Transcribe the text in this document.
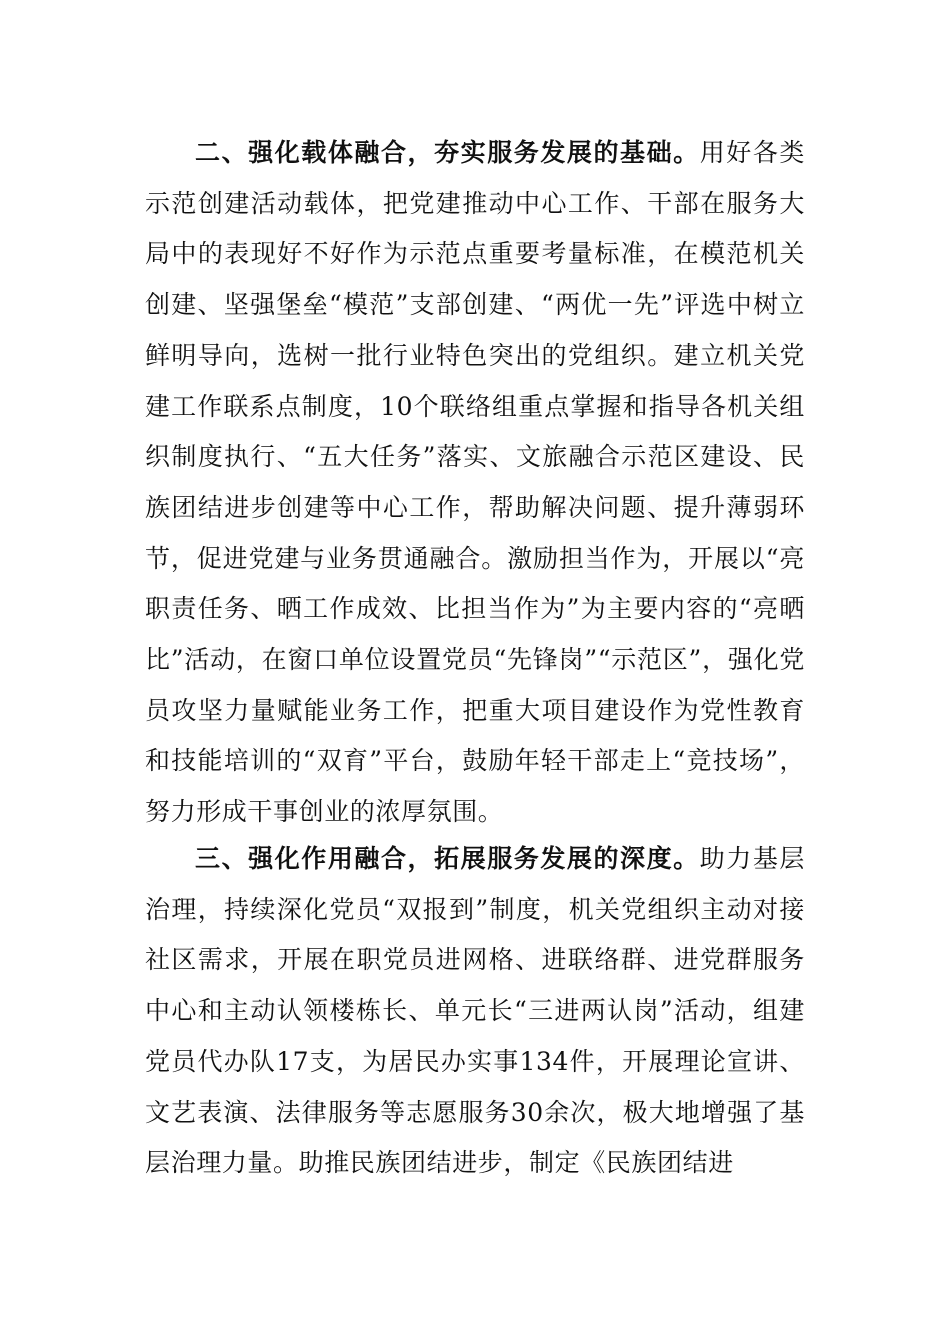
二、强化载体融合，夯实服务发展的基础。用好各类示范创建活动载体，把党建推动中心工作、干部在服务大局中的表现好不好作为示范点重要考量标准，在模范机关创建、坚强堡垒“模范”支部创建、“两优一先”评选中树立鲜明导向，选树一批行业特色突出的党组织。建立机关党建工作联系点制度，10个联络组重点掌握和指导各机关组织制度执行、“五大任务”落实、文旅融合示范区建设、民族团结进步创建等中心工作，帮助解决问题、提升薄弱环节，促进党建与业务贯通融合。激励担当作为，开展以“亮职责任务、晒工作成效、比担当作为”为主要内容的“亮晒比”活动，在窗口单位设置党员“先锋岗”“示范区”，强化党员攻坚力量赋能业务工作，把重大项目建设作为党性教育和技能培训的“双育”平台，鼓励年轻干部走上“竞技场”，努力形成干事创业的浓厚氛围。

三、强化作用融合，拓展服务发展的深度。助力基层治理，持续深化党员“双报到”制度，机关党组织主动对接社区需求，开展在职党员进网格、进联络群、进党群服务中心和主动认领楼栋长、单元长“三进两认岗”活动，组建党员代办队17支，为居民办实事134件，开展理论宣讲、文艺表演、法律服务等志愿服务30余次，极大地增强了基层治理力量。助推民族团结进步，制定《民族团结进
